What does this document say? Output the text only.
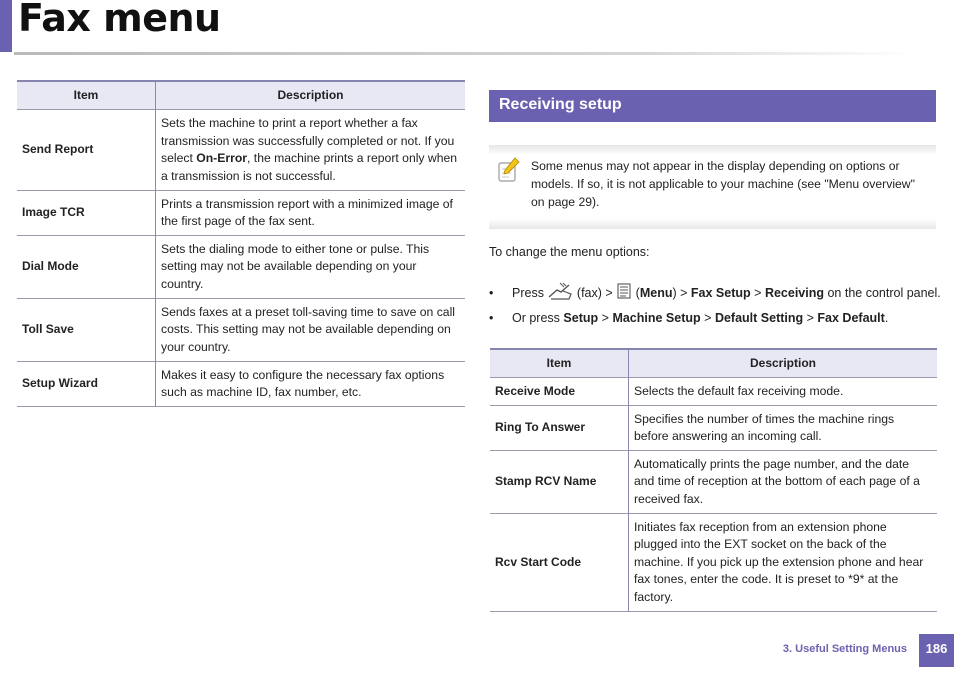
Fax menu
Item	Description
Send Report	Sets the machine to print a report whether a fax transmission was successfully completed or not. If you select On-Error, the machine prints a report only when a transmission is not successful.
Image TCR	Prints a transmission report with a minimized image of the first page of the fax sent.
Dial Mode	Sets the dialing mode to either tone or pulse. This setting may not be available depending on your country.
Toll Save	Sends faxes at a preset toll-saving time to save on call costs. This setting may not be available depending on your country.
Setup Wizard	Makes it easy to configure the necessary fax options such as machine ID, fax number, etc.
Receiving setup
Some menus may not appear in the display depending on options or models. If so, it is not applicable to your machine (see "Menu overview" on page 29).
To change the menu options:
• Press	(fax) > (Menu) > Fax Setup > Receiving on the control panel.
• Or press Setup > Machine Setup > Default Setting > Fax Default.
Item	Description
Receive Mode	Selects the default fax receiving mode.
Ring To Answer	Specifies the number of times the machine rings before answering an incoming call.
Stamp RCV Name	Automatically prints the page number, and the date and time of reception at the bottom of each page of a received fax.
Rcv Start Code	Initiates fax reception from an extension phone plugged into the EXT socket on the back of the machine. If you pick up the extension phone and hear fax tones, enter the code. It is preset to *9* at the factory.
3. Useful Setting Menus	186
